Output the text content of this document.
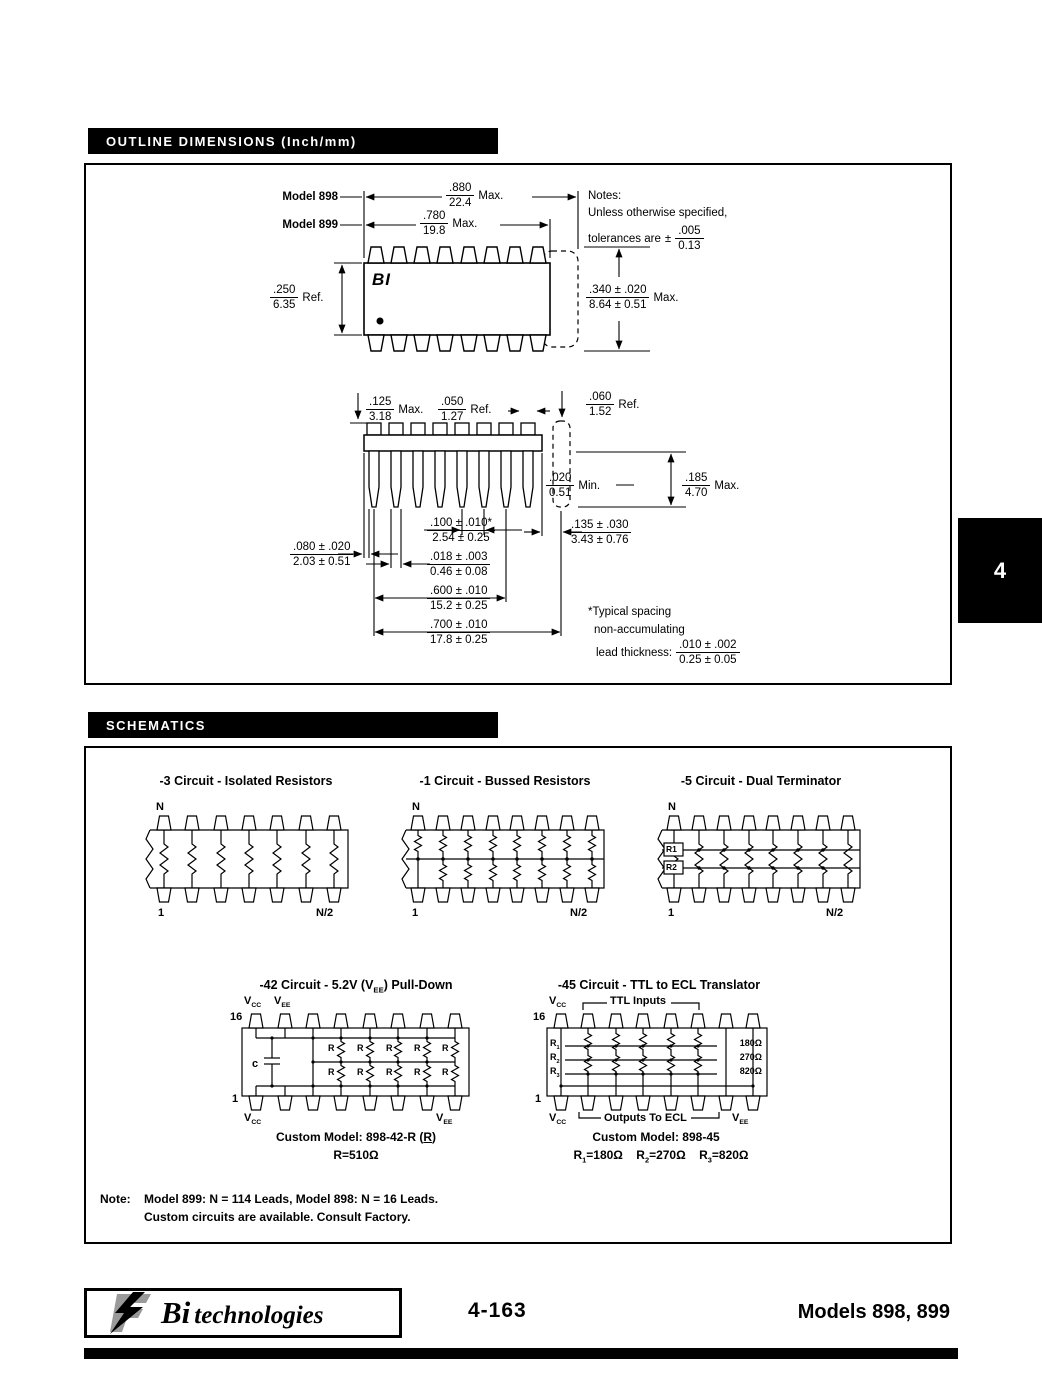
OUTLINE DIMENSIONS (Inch/mm)
Model 898
Model 899
$\frac{.880}{22.4}$ Max.
$\frac{.780}{19.8}$ Max.
Notes:
Unless otherwise specified,
tolerances are ± $\frac{.005}{0.13}$
$\frac{.250}{6.35}$ Ref.	$\frac{.340 \pm .020}{8.64 \pm 0.51}$ Max.
BI
$\frac{.125}{3.18}$ Max. $\frac{.050}{1.27}$ Ref.	$\frac{.060}{1.52}$ Ref.
$\frac{.020}{0.51}$ Min.	$\frac{.185}{4.70}$ Max.
$\frac{.100 \pm .010*}{2.54 \pm 0.25}$
$\frac{.018 \pm .003}{0.46 \pm 0.08}$
$\frac{.600 \pm .010}{15.2 \pm 0.25}$
$\frac{.700 \pm .010}{17.8 \pm 0.25}$
$\frac{.080 \pm .020}{2.03 \pm 0.51}$
$\frac{.135 \pm .030}{3.43 \pm 0.76}$
*Typical spacing
non-accumulating
lead thickness: $\frac{.010 \pm .002}{0.25 \pm 0.05}$
4
SCHEMATICS
-3 Circuit - Isolated Resistors	-1 Circuit - Bussed Resistors	-5 Circuit - Dual Terminator
-42 Circuit - 5.2V $(V_{EE})$ Pull-Down	-45 Circuit - TTL to ECL Translator
N
1	N/2
N
1	N/2
N
1	N/2
R1
R2
$V_{CC}$ $V_{EE}$
16
c
1
$V_{CC}$	$V_{EE}$
R	R	R R R
R	R	R R R
Custom Model: 898-42-R (R)
R=510Ω
$V_{CC}$	TTL Inputs
16
$R_1$
$R_2$
$R_3$
180Ω
270Ω
820Ω
1
$V_{CC}$	Outputs To ECL	$V_{EE}$
Custom Model: 898-45
$R_1=180\Omega$ $R_2=270\Omega$ $R_3=820\Omega$
Note: Model 899: N = 114 Leads, Model 898: N = 16 Leads.
Custom circuits are available. Consult Factory.
Bi technologies	4-163	Models 898, 899
